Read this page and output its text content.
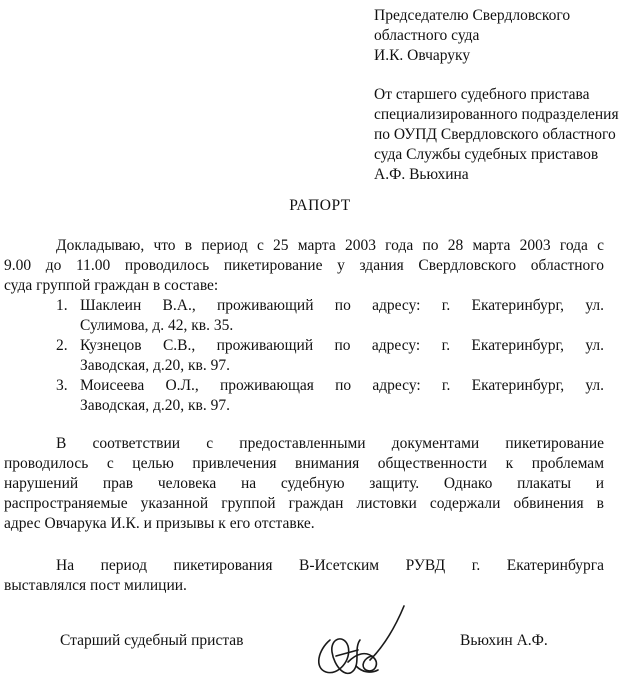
Председателю Свердловского
областного суда
И.К. Овчаруку
От старшего судебного пристава
специализированного подразделения
по ОУПД Свердловского областного
суда Службы судебных приставов
А.Ф. Вьюхина
РАПОРТ
Докладываю, что в период с 25 марта 2003 года по 28 марта 2003 года с
9.00 до 11.00 проводилось пикетирование у здания Свердловского областного
суда группой граждан в составе:
1. Шаклеин В.А., проживающий по адресу: г. Екатеринбург, ул.
Сулимова, д. 42, кв. 35.
2. Кузнецов С.В., проживающий по адресу: г. Екатеринбург, ул.
Заводская, д.20, кв. 97.
3. Моисеева О.Л., проживающая по адресу: г. Екатеринбург, ул.
Заводская, д.20, кв. 97.
В соответствии с предоставленными документами пикетирование
проводилось с целью привлечения внимания общественности к проблемам
нарушений прав человека на судебную защиту. Однако плакаты и
распространяемые указанной группой граждан листовки содержали обвинения в
адрес Овчарука И.К. и призывы к его отставке.
На период пикетирования В-Исетским РУВД г. Екатеринбурга
выставлялся пост милиции.
Старший судебный пристав	Вьюхин А.Ф.
